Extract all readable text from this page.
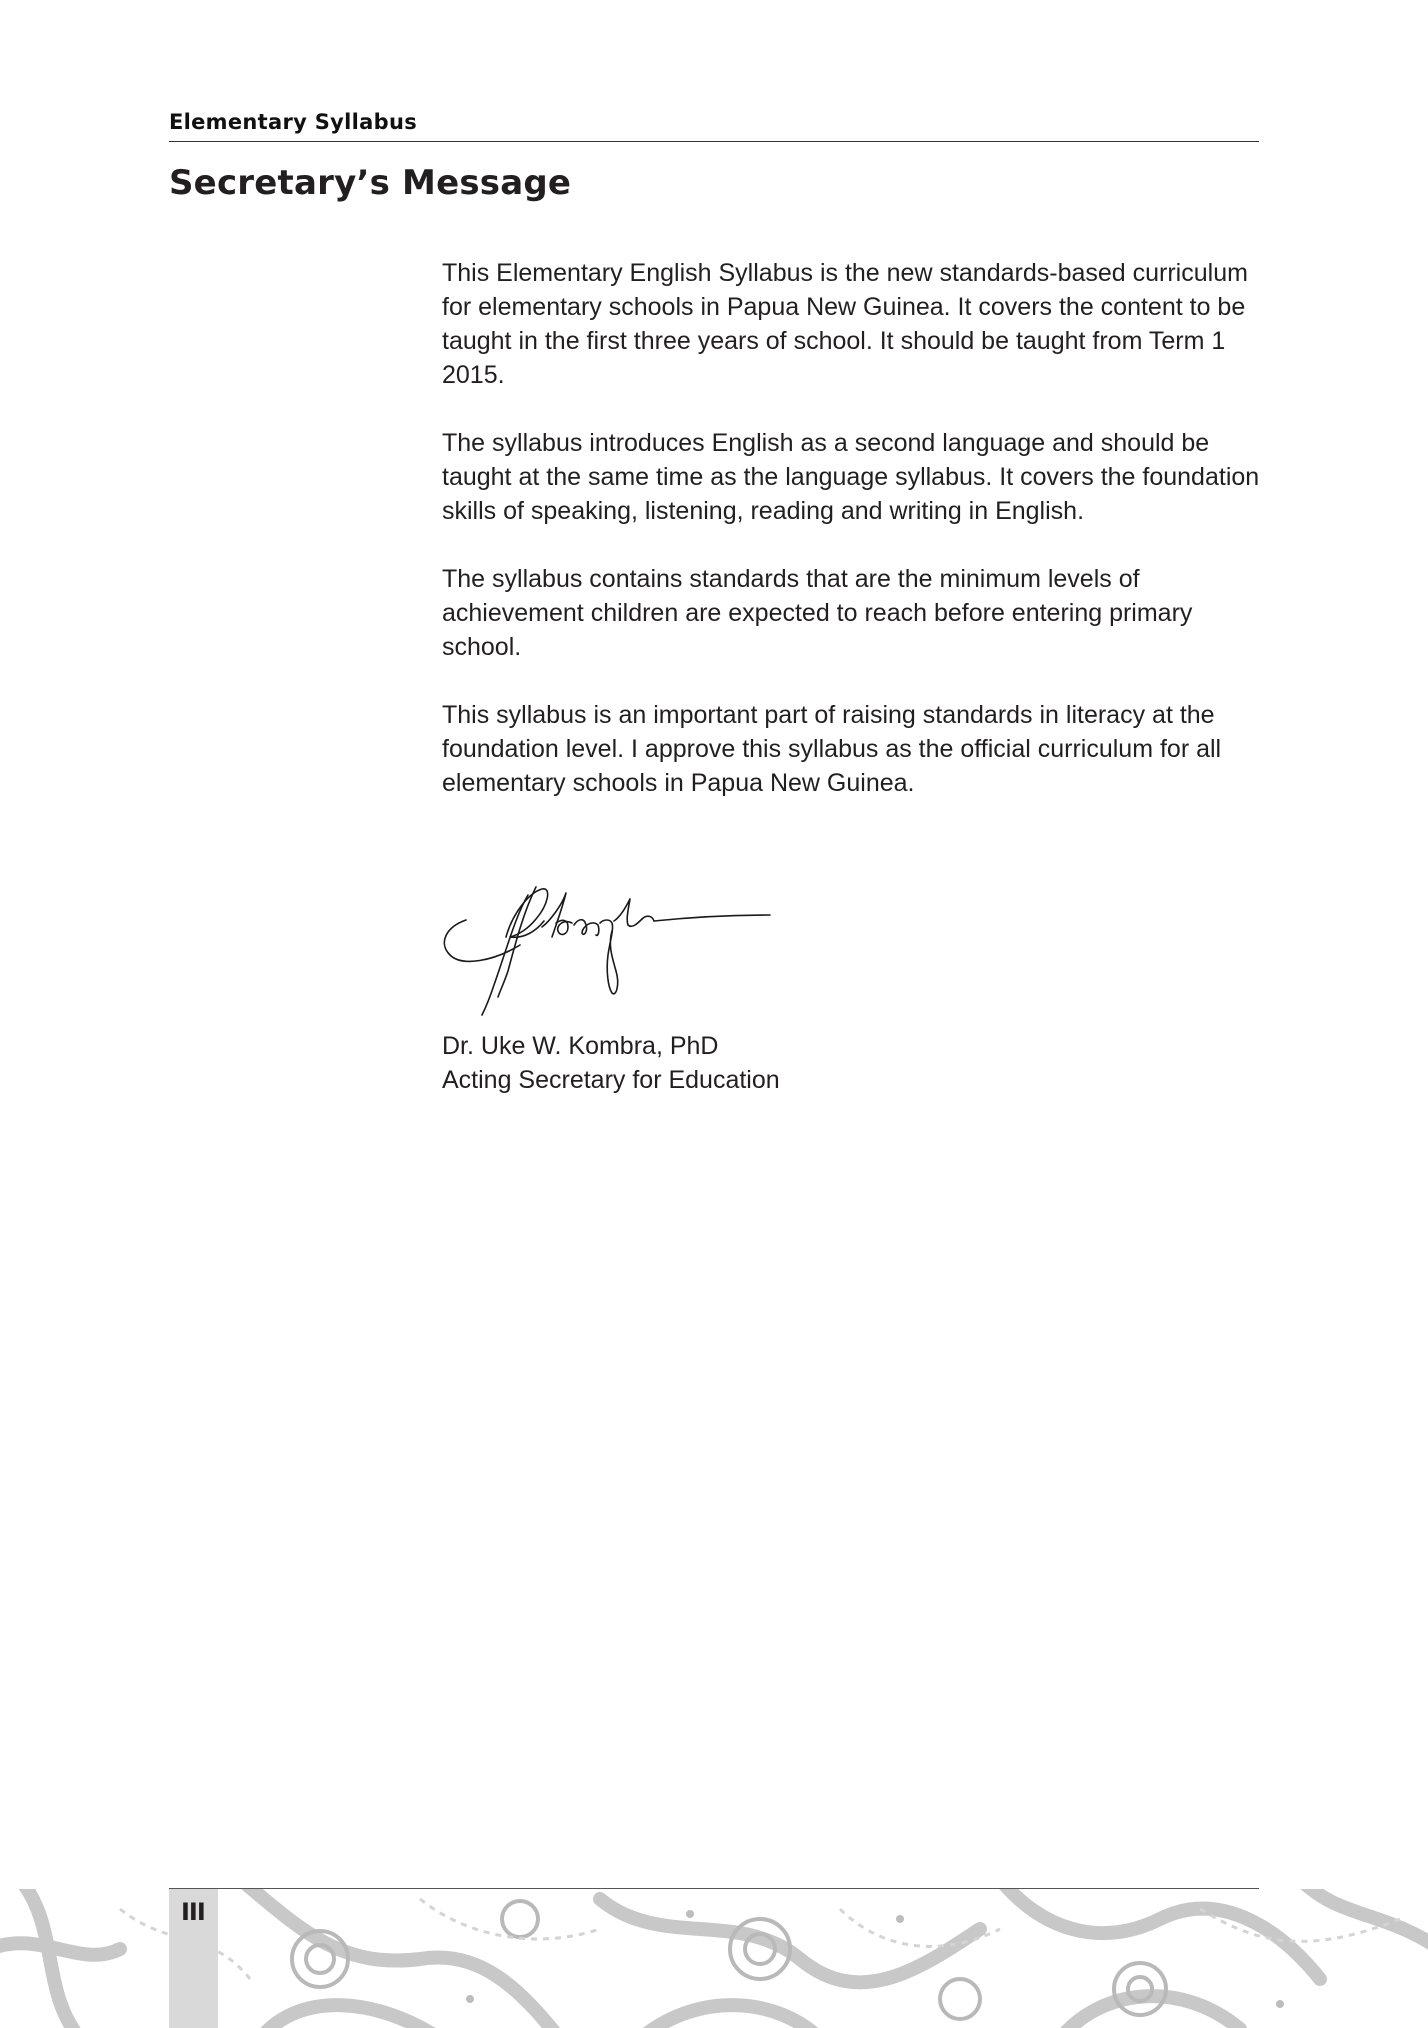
Elementary Syllabus
Secretary’s Message

This Elementary English Syllabus is the new standards-based curriculum for elementary schools in Papua New Guinea. It covers the content to be taught in the first three years of school. It should be taught from Term 1 2015.

The syllabus introduces English as a second language and should be taught at the same time as the language syllabus. It covers the foundation skills of speaking, listening, reading and writing in English.

The syllabus contains standards that are the minimum levels of achievement children are expected to reach before entering primary school.

This syllabus is an important part of raising standards in literacy at the foundation level. I approve this syllabus as the official curriculum for all elementary schools in Papua New Guinea.

Dr. Uke W. Kombra, PhD
Acting Secretary for Education
III
